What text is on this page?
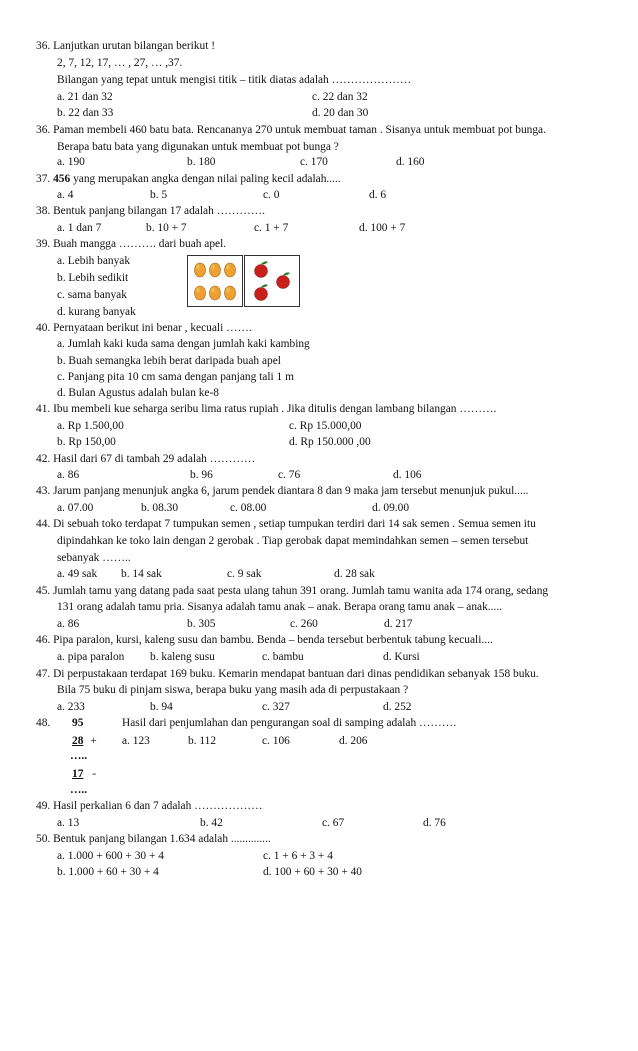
36. Lanjutkan urutan bilangan berikut !
2, 7, 12, 17, … , 27, … ,37.
Bilangan yang tepat untuk mengisi titik – titik diatas adalah …………………
a. 21 dan 32	c. 22 dan 32
b. 22 dan 33	d. 20 dan 30
36. Paman membeli 460 batu bata. Rencananya 270 untuk membuat taman . Sisanya untuk membuat pot bunga.
Berapa batu bata yang digunakan untuk membuat pot bunga ?
a. 190	b. 180	c. 170	d. 160
37. 456 yang merupakan angka dengan nilai paling kecil adalah.....
a. 4	b. 5	c. 0	d. 6
38. Bentuk panjang bilangan 17 adalah ………….
a. 1 dan 7	b. 10 + 7	c. 1 + 7	d. 100 + 7
39. Buah mangga ………. dari buah apel.
a. Lebih banyak
b. Lebih sedikit
c. sama banyak
d. kurang banyak
40. Pernyataan berikut ini benar , kecuali …….
a. Jumlah kaki kuda sama dengan jumlah kaki kambing
b. Buah semangka lebih berat daripada buah apel
c. Panjang pita 10 cm sama dengan panjang tali 1 m
d. Bulan Agustus adalah bulan ke-8
41. Ibu membeli kue seharga seribu lima ratus rupiah . Jika ditulis dengan lambang bilangan ……….
a. Rp 1.500,00	c. Rp 15.000,00
b. Rp 150,00	d. Rp 150.000 ,00
42. Hasil dari 67 di tambah 29 adalah …………
a. 86	b. 96	c. 76	d. 106
43. Jarum panjang menunjuk angka 6, jarum pendek diantara 8 dan 9 maka jam tersebut menunjuk pukul.....
a. 07.00	b. 08.30	c. 08.00	d. 09.00
44. Di sebuah toko terdapat 7 tumpukan semen , setiap tumpukan terdiri dari 14 sak semen . Semua semen itu
dipindahkan ke toko lain dengan 2 gerobak . Tiap gerobak dapat memindahkan semen – semen tersebut
sebanyak ……..
a. 49 sak b. 14 sak	c. 9 sak	d. 28 sak
45. Jumlah tamu yang datang pada saat pesta ulang tahun 391 orang. Jumlah tamu wanita ada 174 orang, sedang
131 orang adalah tamu pria. Sisanya adalah tamu anak – anak. Berapa orang tamu anak – anak.....
a. 86	b. 305	c. 260	d. 217
46. Pipa paralon, kursi, kaleng susu dan bambu. Benda – benda tersebut berbentuk tabung kecuali....
a. pipa paralon b. kaleng susu	c. bambu	d. Kursi
47. Di perpustakaan terdapat 169 buku. Kemarin mendapat bantuan dari dinas pendidikan sebanyak 158 buku.
Bila 75 buku di pinjam siswa, berapa buku yang masih ada di perpustakaan ?
a. 233	b. 94	c. 327	d. 252
48. 95	Hasil dari penjumlahan dan pengurangan soal di samping adalah ……….
28 + a. 123	b. 112	c. 106	d. 206
…..
17 -
…..
49. Hasil perkalian 6 dan 7 adalah ………………
a. 13	b. 42	c. 67	d. 76
50. Bentuk panjang bilangan 1.634 adalah ..............
a. 1.000 + 600 + 30 + 4	c. 1 + 6 + 3 + 4
b. 1.000 + 60 + 30 + 4	d. 100 + 60 + 30 + 40
